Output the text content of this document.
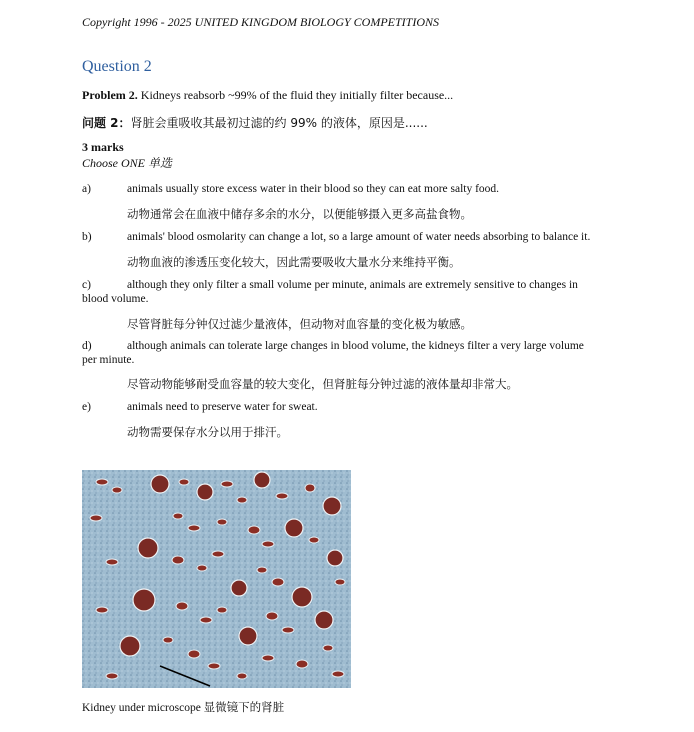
Copyright 1996 - 2025 UNITED KINGDOM BIOLOGY COMPETITIONS
Question 2
Problem 2. Kidneys reabsorb ~99% of the fluid they initially filter because...
问题 2：肾脏会重吸收其最初过滤的约 99% 的液体，原因是......
3 marks
Choose ONE 单选
a)	animals usually store excess water in their blood so they can eat more salty food.
动物通常会在血液中储存多余的水分，以便能够摄入更多高盐食物。
b)	animals' blood osmolarity can change a lot, so a large amount of water needs absorbing to balance it.
动物血液的渗透压变化较大，因此需要吸收大量水分来维持平衡。
c)	although they only filter a small volume per minute, animals are extremely sensitive to changes in blood volume.
尽管肾脏每分钟仅过滤少量液体，但动物对血容量的变化极为敏感。
d)	although animals can tolerate large changes in blood volume, the kidneys filter a very large volume per minute.
尽管动物能够耐受血容量的较大变化，但肾脏每分钟过滤的液体量却非常大。
e)	animals need to preserve water for sweat.
动物需要保存水分以用于排汗。
Kidney under microscope 显微镜下的肾脏
